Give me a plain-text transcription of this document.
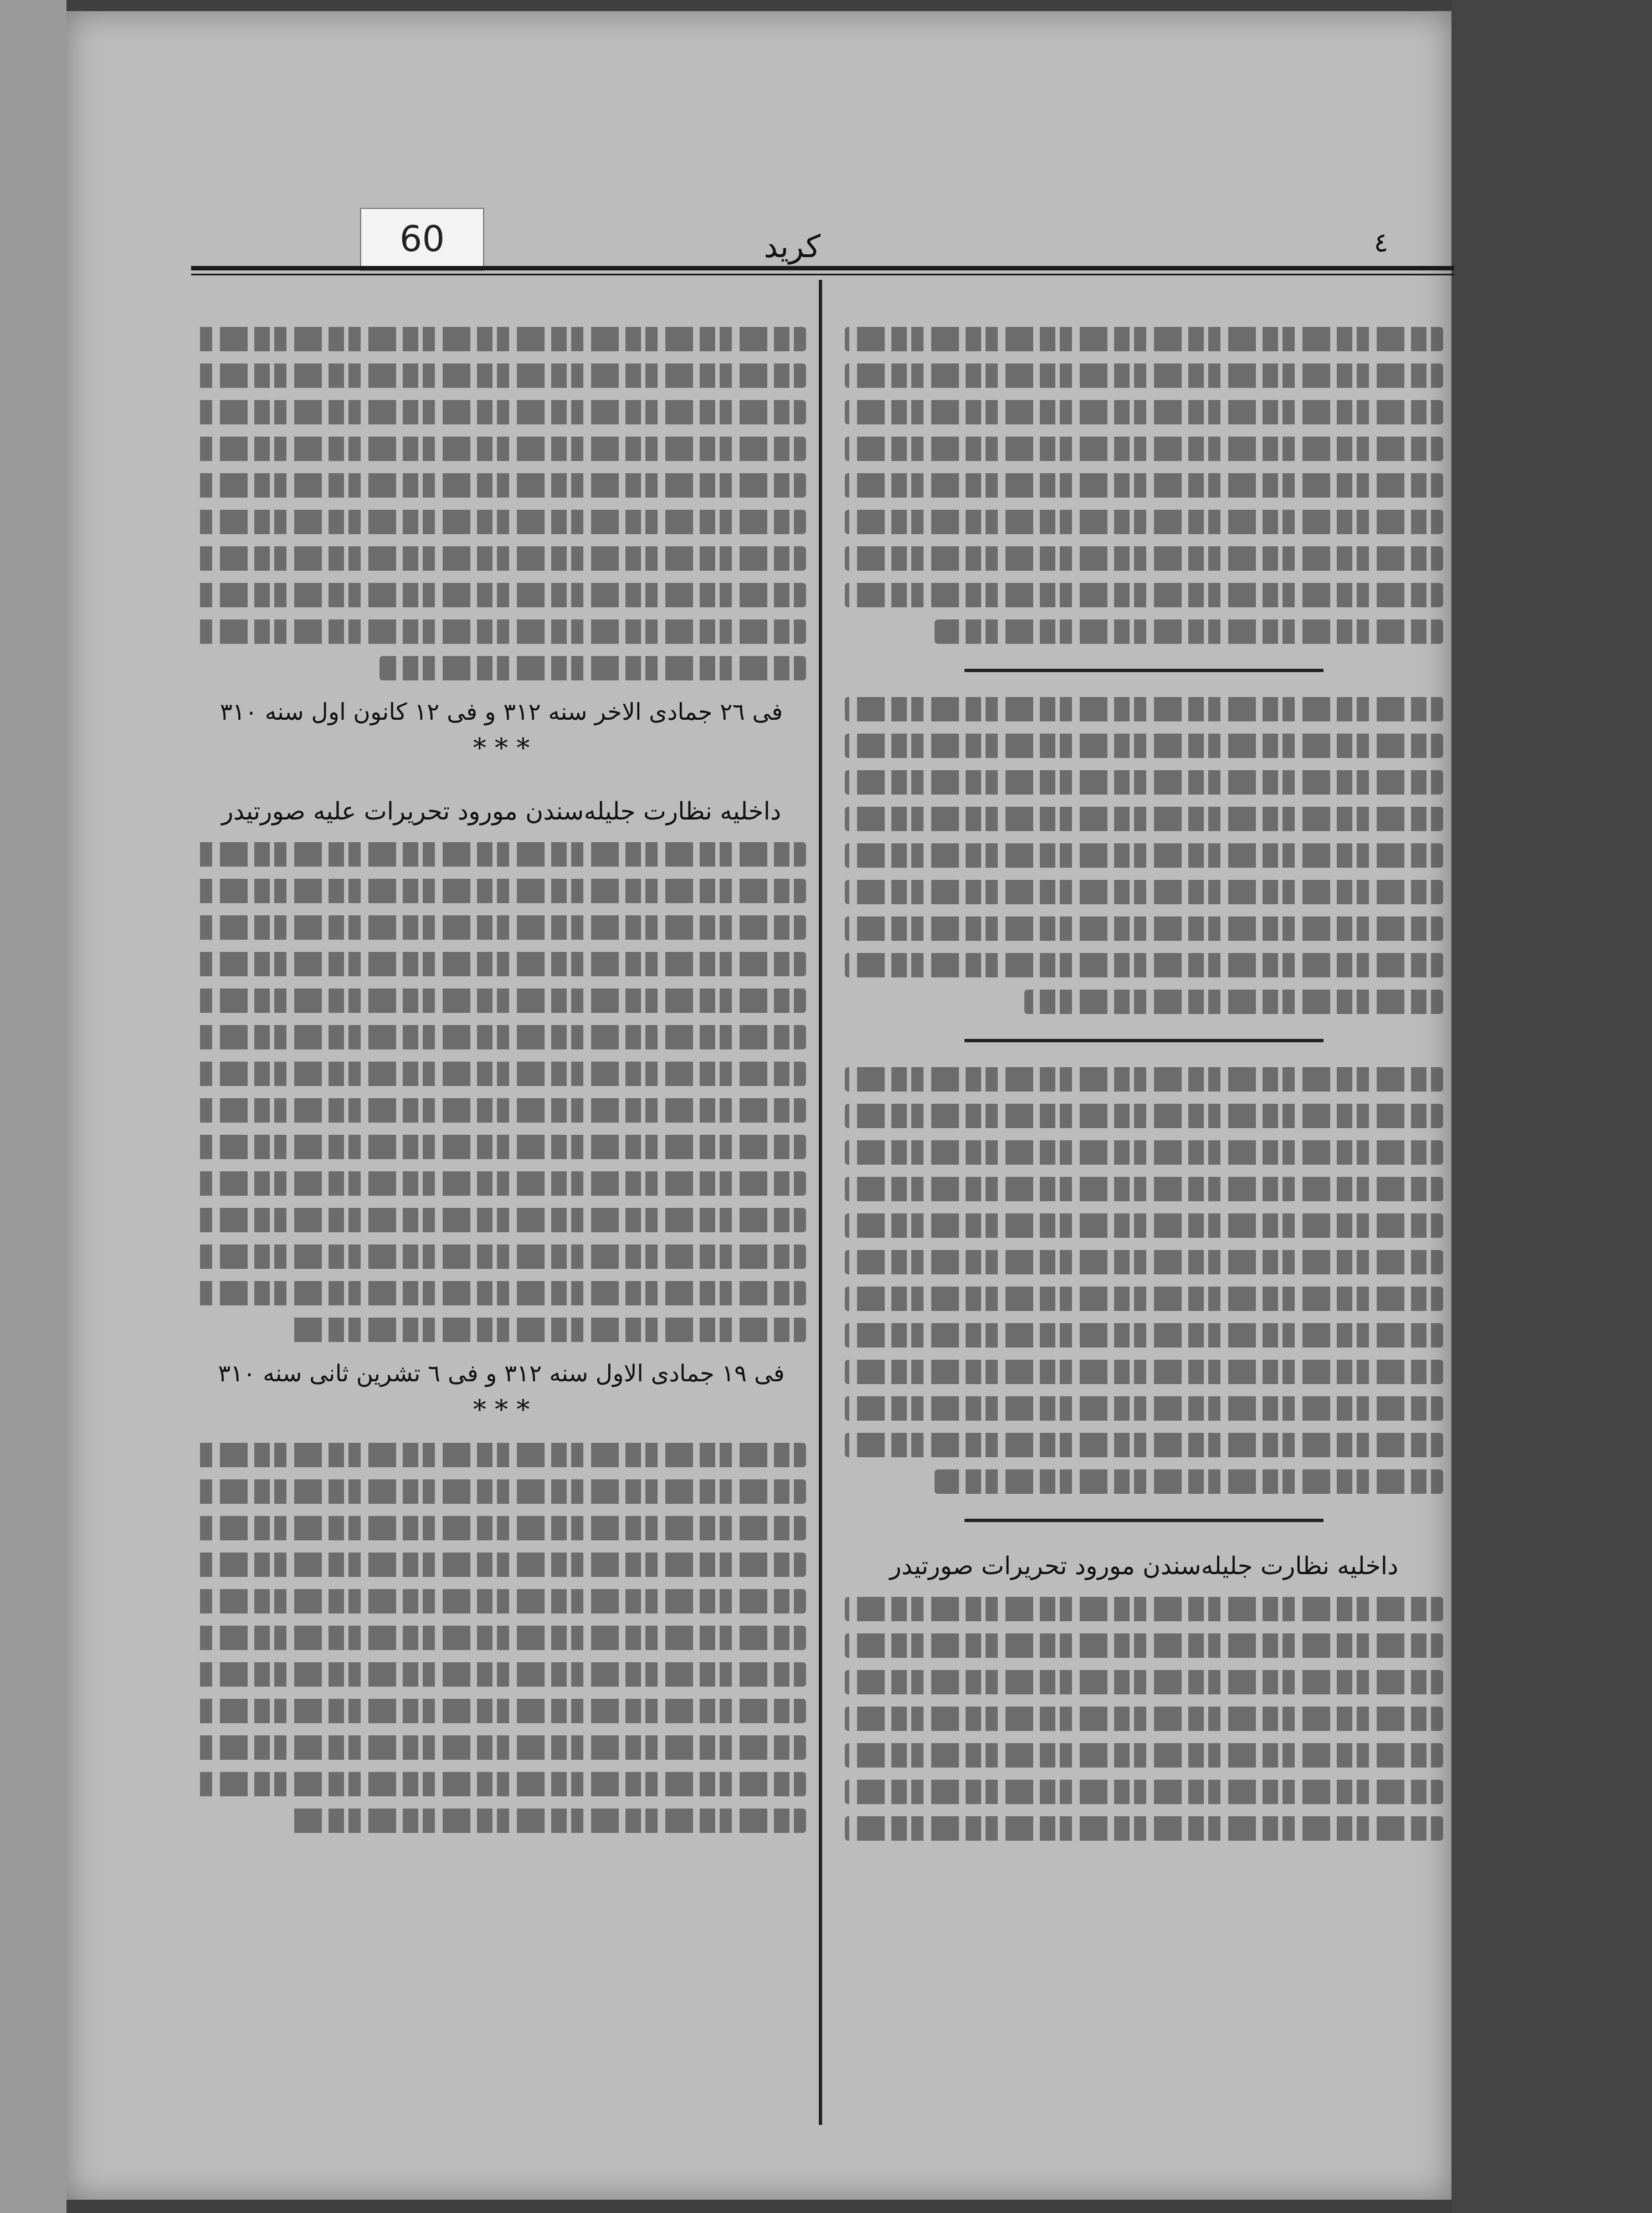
60	کرید	٤
داخليه نظارت جليله‌سندن مورود تحريرات صورتيدر
فی ٢٦ جمادی الاخر سنه ٣١٢ و فی ١٢ کانون اول سنه ٣١٠
* * *
داخليه نظارت جليله‌سندن مورود تحريرات عليه صورتيدر
فی ١٩ جمادی الاول سنه ٣١٢ و فی ٦ تشرين ثانی سنه ٣١٠
* * *
